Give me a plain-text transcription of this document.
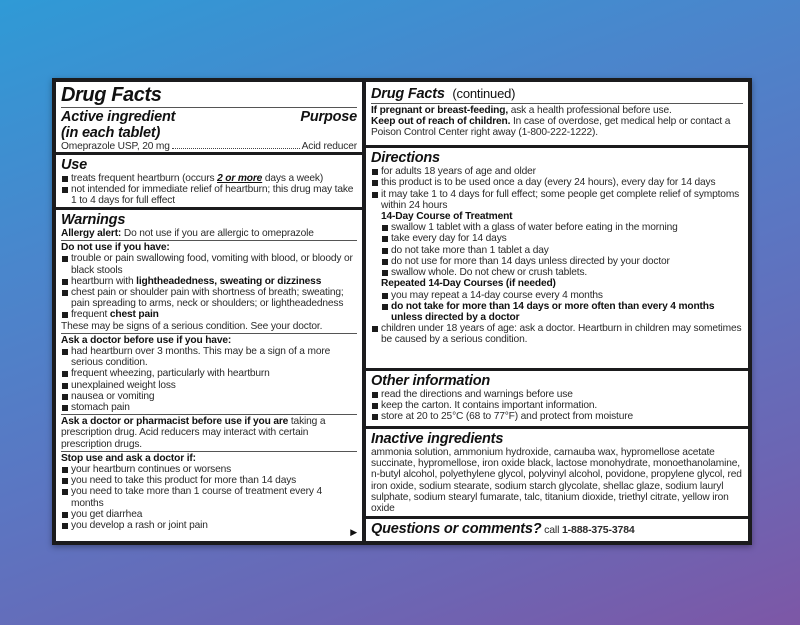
Drug Facts
Active ingredient
(in each tablet)
Purpose
Omeprazole USP, 20 mg	Acid reducer
Use
treats frequent heartburn (occurs 2 or more days a week)
not intended for immediate relief of heartburn; this drug may take 1 to 4 days for full effect
Warnings
Allergy alert: Do not use if you are allergic to omeprazole
Do not use if you have:
trouble or pain swallowing food, vomiting with blood, or bloody or black stools
heartburn with lightheadedness, sweating or dizziness
chest pain or shoulder pain with shortness of breath; sweating; pain spreading to arms, neck or shoulders; or lightheadedness
frequent chest pain
These may be signs of a serious condition. See your doctor.
Ask a doctor before use if you have:
had heartburn over 3 months. This may be a sign of a more serious condition.
frequent wheezing, particularly with heartburn
unexplained weight loss
nausea or vomiting
stomach pain
Ask a doctor or pharmacist before use if you are taking a prescription drug. Acid reducers may interact with certain prescription drugs.
Stop use and ask a doctor if:
your heartburn continues or worsens
you need to take this product for more than 14 days
you need to take more than 1 course of treatment every 4 months
you get diarrhea
you develop a rash or joint pain
▶
Drug Facts (continued)
If pregnant or breast-feeding, ask a health professional before use.
Keep out of reach of children. In case of overdose, get medical help or contact a Poison Control Center right away (1-800-222-1222).
Directions
for adults 18 years of age and older
this product is to be used once a day (every 24 hours), every day for 14 days
it may take 1 to 4 days for full effect; some people get complete relief of symptoms within 24 hours
14-Day Course of Treatment
swallow 1 tablet with a glass of water before eating in the morning
take every day for 14 days
do not take more than 1 tablet a day
do not use for more than 14 days unless directed by your doctor
swallow whole. Do not chew or crush tablets.
Repeated 14-Day Courses (if needed)
you may repeat a 14-day course every 4 months
do not take for more than 14 days or more often than every 4 months unless directed by a doctor
children under 18 years of age: ask a doctor. Heartburn in children may sometimes be caused by a serious condition.
Other information
read the directions and warnings before use
keep the carton. It contains important information.
store at 20 to 25°C (68 to 77°F) and protect from moisture
Inactive ingredients
ammonia solution, ammonium hydroxide, carnauba wax, hypromellose acetate succinate, hypromellose, iron oxide black, lactose monohydrate, monoethanolamine, n-butyl alcohol, polyethylene glycol, polyvinyl alcohol, povidone, propylene glycol, red iron oxide, sodium stearate, sodium starch glycolate, shellac glaze, sodium lauryl sulphate, sodium stearyl fumarate, talc, titanium dioxide, triethyl citrate, yellow iron oxide
Questions or comments? call 1-888-375-3784
